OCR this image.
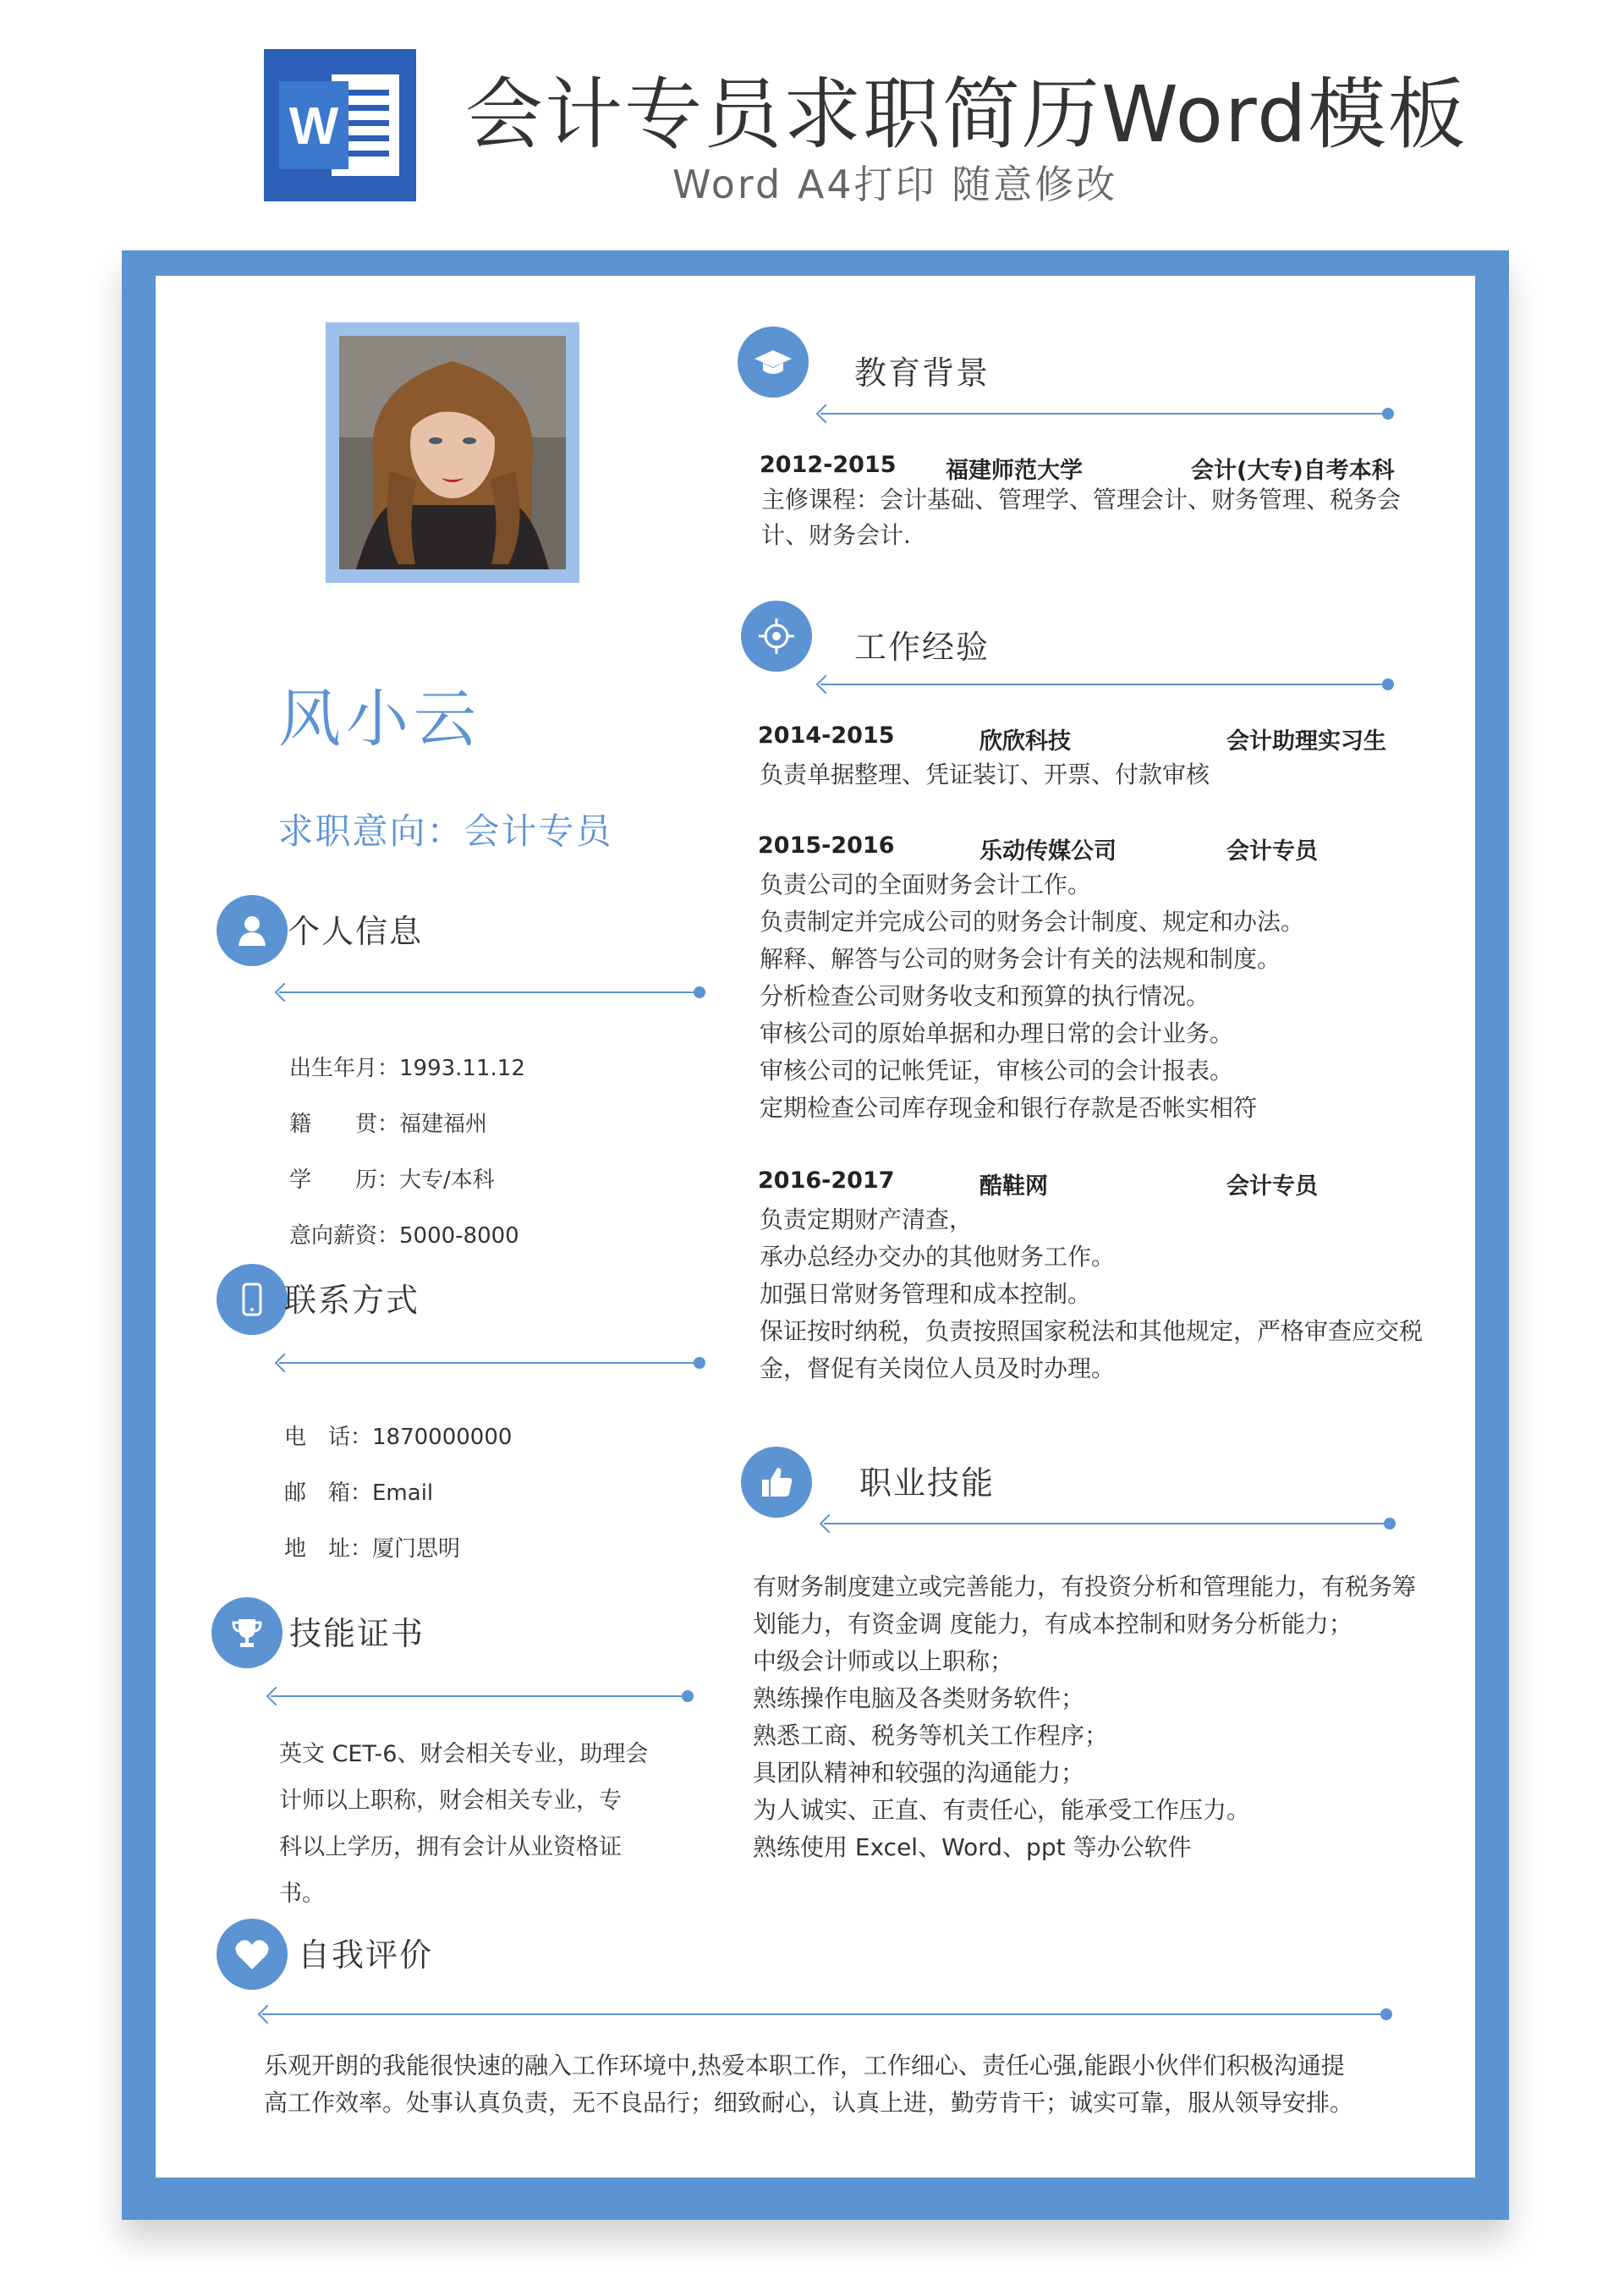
W 会计专员求职简历Word模板
Word A4打印 随意修改
风小云
求职意向：会计专员
个人信息
出生年月：1993.11.12
籍　　贯：福建福州
学　　历：大专/本科
意向薪资：5000-8000
联系方式
电　话：1870000000
邮　箱：Email
地　址：厦门思明
技能证书
英文 CET-6、财会相关专业，助理会
计师以上职称，财会相关专业，专
科以上学历，拥有会计从业资格证
书。
教育背景
2012-2015 福建师范大学	会计(大专)自考本科
主修课程：会计基础、管理学、管理会计、财务管理、税务会
计、财务会计.
工作经验
2014-2015	欣欣科技	会计助理实习生
负责单据整理、凭证装订、开票、付款审核
2015-2016	乐动传媒公司	会计专员
负责公司的全面财务会计工作。
负责制定并完成公司的财务会计制度、规定和办法。
解释、解答与公司的财务会计有关的法规和制度。
分析检查公司财务收支和预算的执行情况。
审核公司的原始单据和办理日常的会计业务。
审核公司的记帐凭证，审核公司的会计报表。
定期检查公司库存现金和银行存款是否帐实相符
2016-2017	酷鞋网	会计专员
负责定期财产清查，
承办总经办交办的其他财务工作。
加强日常财务管理和成本控制。
保证按时纳税，负责按照国家税法和其他规定，严格审查应交税
金，督促有关岗位人员及时办理。
职业技能
有财务制度建立或完善能力，有投资分析和管理能力，有税务筹
划能力，有资金调 度能力，有成本控制和财务分析能力；
中级会计师或以上职称；
熟练操作电脑及各类财务软件；
熟悉工商、税务等机关工作程序；
具团队精神和较强的沟通能力；
为人诚实、正直、有责任心，能承受工作压力。
熟练使用 Excel、Word、ppt 等办公软件
自我评价
乐观开朗的我能很快速的融入工作环境中,热爱本职工作，工作细心、责任心强,能跟小伙伴们积极沟通提
高工作效率。处事认真负责，无不良品行；细致耐心，认真上进，勤劳肯干；诚实可靠，服从领导安排。
